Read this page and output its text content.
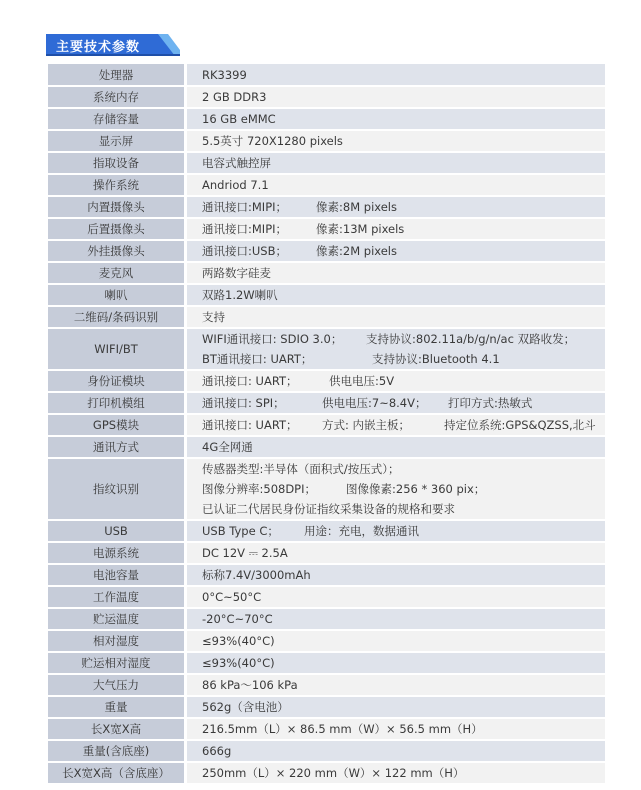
主要技术参数
处理器	RK3399

系统内存	2 GB DDR3

存储容量	16 GB eMMC

显示屏	5.5英寸 720X1280 pixels

指取设备	电容式触控屏

操作系统	Andriod 7.1

内置摄像头	通讯接口:MIPI； 像素:8M pixels

后置摄像头	通讯接口:MIPI； 像素:13M pixels

外挂摄像头	通讯接口:USB； 像素:2M pixels

麦克风	两路数字硅麦

喇叭	双路1.2W喇叭

二维码/条码识别	支持

WIFI/BT	WIFI通讯接口: SDIO 3.0； 支持协议:802.11a/b/g/n/ac 双路收发；
BT通讯接口: UART； 支持协议:Bluetooth 4.1

身份证模块	通讯接口: UART； 供电电压:5V

打印机模组	通讯接口: SPI； 供电电压:7~8.4V； 打印方式:热敏式

GPS模块	通讯接口: UART； 方式: 内嵌主板； 持定位系统:GPS&QZSS,北斗

通讯方式	4G全网通

指纹识别	传感器类型:半导体（面积式/按压式）；
图像分辨率:508DPI； 图像像素:256 * 360 pix；
已认证二代居民身份证指纹采集设备的规格和要求

USB	USB Type C； 用途：充电，数据通讯

电源系统	DC 12V ⎓ 2.5A

电池容量	标称7.4V/3000mAh

工作温度	0°C~50°C

贮运温度	-20°C~70°C

相对湿度	≤93%(40°C)

贮运相对湿度	≤93%(40°C)

大气压力	86 kPa～106 kPa

重量	562g（含电池）

长X宽X高	216.5mm（L）× 86.5 mm（W）× 56.5 mm（H）

重量(含底座)	666g

长X宽X高（含底座）	250mm（L）× 220 mm（W）× 122 mm（H）
